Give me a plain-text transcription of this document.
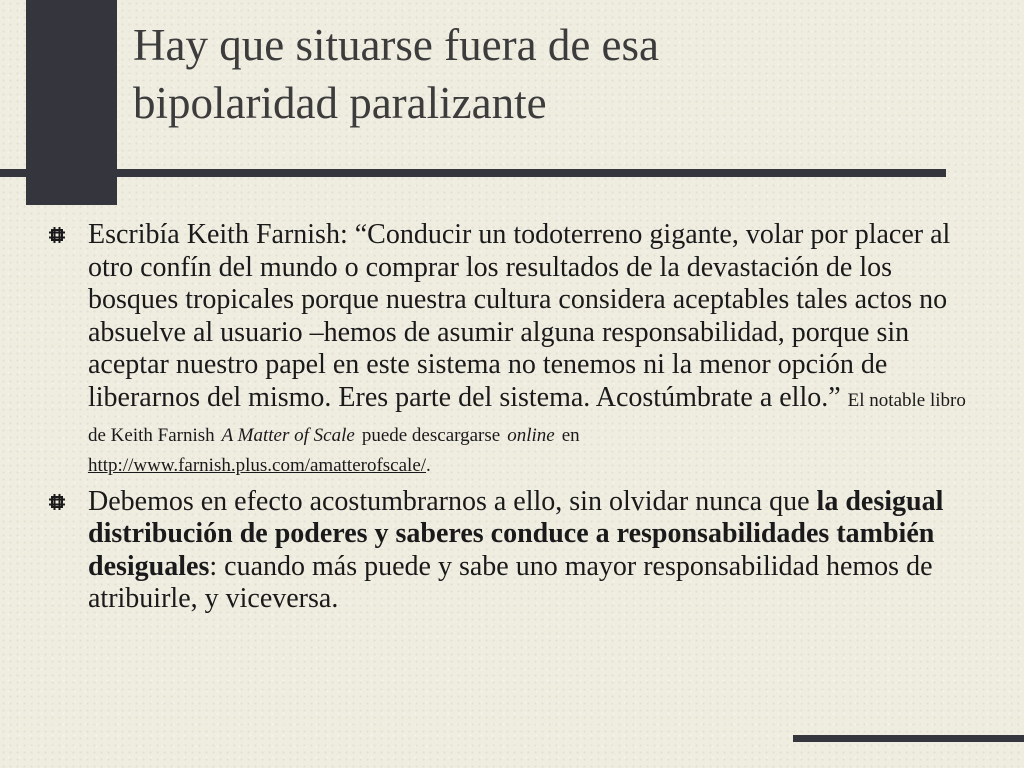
Hay que situarse fuera de esa
bipolaridad paralizante
Escribía Keith Farnish: “Conducir un todoterreno gigante, volar por placer al otro confín del mundo o comprar los resultados de la devastación de los bosques tropicales porque nuestra cultura considera aceptables tales actos no absuelve al usuario –hemos de asumir alguna responsabilidad, porque sin aceptar nuestro papel en este sistema no tenemos ni la menor opción de liberarnos del mismo. Eres parte del sistema. Acostúmbrate a ello.” El notable libro de Keith Farnish A Matter of Scale puede descargarse online en
http://www.farnish.plus.com/amatterofscale/.
Debemos en efecto acostumbrarnos a ello, sin olvidar nunca que la desigual distribución de poderes y saberes conduce a responsabilidades también desiguales: cuando más puede y sabe uno mayor responsabilidad hemos de atribuirle, y viceversa.
